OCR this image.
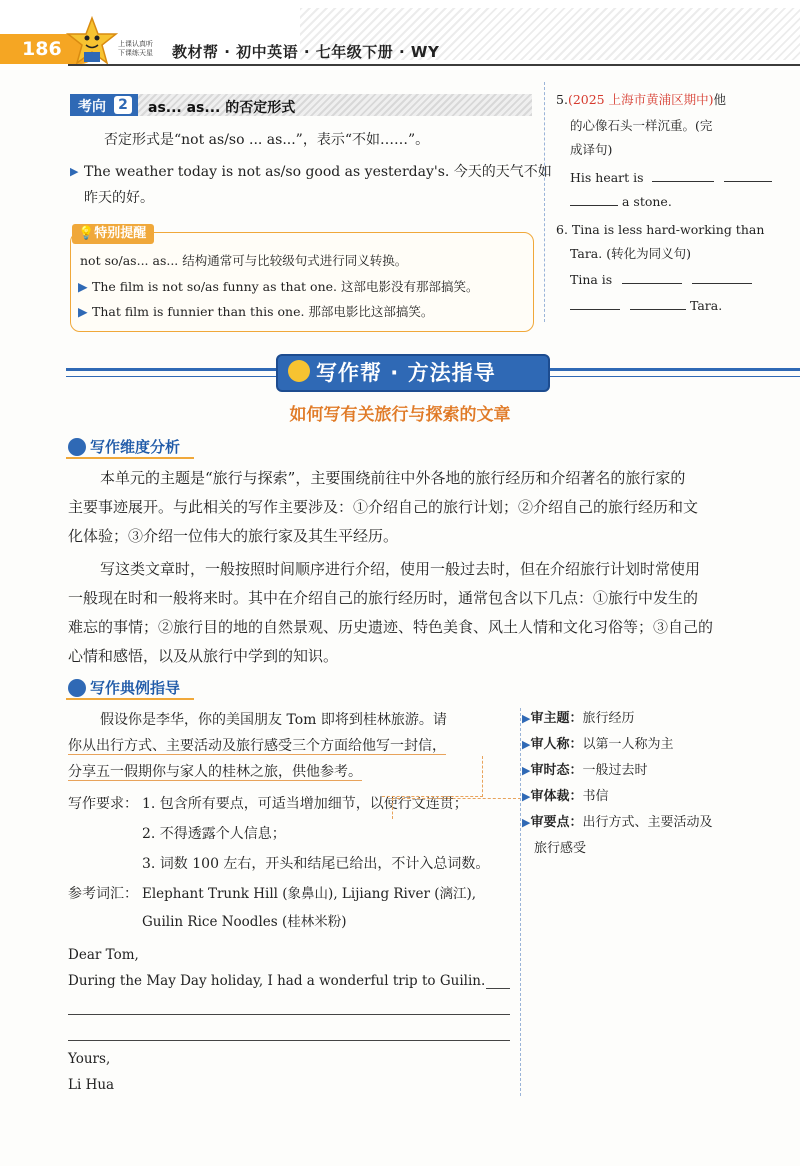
186	上课认真听 下课练天星	教材帮 · 初中英语 · 七年级下册 · WY
考向 2 as... as... 的否定形式
否定形式是“not as/so ... as...”，表示“不如……”。
▶ The weather today is not as/so good as yesterday's. 今天的天气不如
昨天的好。
💡特别提醒
not so/as... as... 结构通常可与比较级句式进行同义转换。
▶ The film is not so/as funny as that one. 这部电影没有那部搞笑。
▶ That film is funnier than this one. 那部电影比这部搞笑。
5.(2025 上海市黄浦区期中)他
的心像石头一样沉重。(完
成译句)
His heart is
a stone.
6. Tina is less hard-working than
Tara. (转化为同义句)
Tina is
Tara.
写作帮 · 方法指导
如何写有关旅行与探索的文章
写作维度分析
本单元的主题是“旅行与探索”，主要围绕前往中外各地的旅行经历和介绍著名的旅行家的
主要事迹展开。与此相关的写作主要涉及：①介绍自己的旅行计划；②介绍自己的旅行经历和文
化体验；③介绍一位伟大的旅行家及其生平经历。
写这类文章时，一般按照时间顺序进行介绍，使用一般过去时，但在介绍旅行计划时常使用
一般现在时和一般将来时。其中在介绍自己的旅行经历时，通常包含以下几点：①旅行中发生的
难忘的事情；②旅行目的地的自然景观、历史遗迹、特色美食、风土人情和文化习俗等；③自己的
心情和感悟，以及从旅行中学到的知识。
写作典例指导
假设你是李华，你的美国朋友 Tom 即将到桂林旅游。请
你从出行方式、主要活动及旅行感受三个方面给他写一封信，
分享五一假期你与家人的桂林之旅，供他参考。
写作要求： 1. 包含所有要点，可适当增加细节，以使行文连贯；
2. 不得透露个人信息；
3. 词数 100 左右，开头和结尾已给出，不计入总词数。
参考词汇： Elephant Trunk Hill (象鼻山), Lijiang River (漓江),
Guilin Rice Noodles (桂林米粉)
Dear Tom,
During the May Day holiday, I had a wonderful trip to Guilin.
Yours,
Li Hua
▶审主题：旅行经历
▶审人称：以第一人称为主
▶审时态：一般过去时
▶审体裁：书信
▶审要点：出行方式、主要活动及
旅行感受
